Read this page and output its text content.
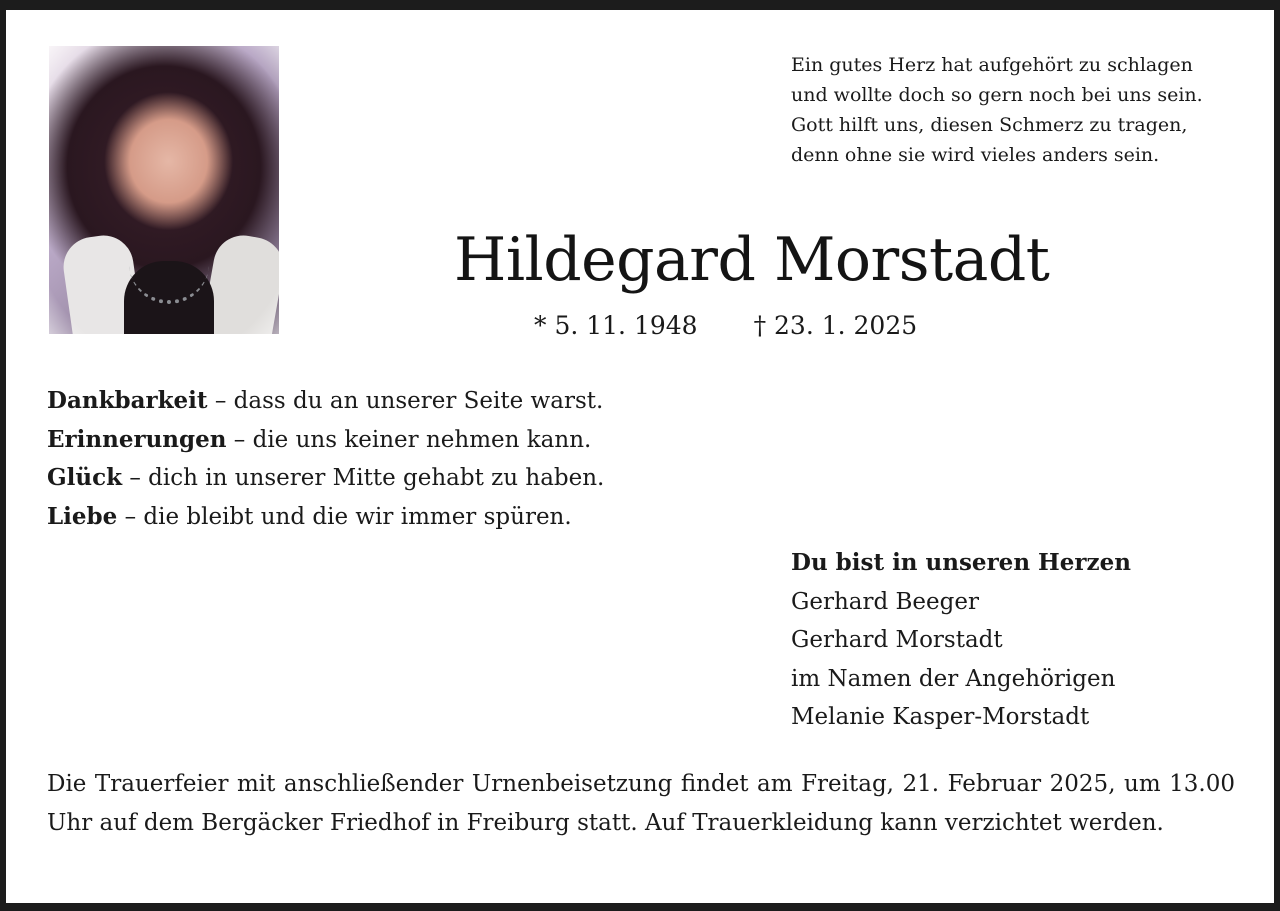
Ein gutes Herz hat aufgehört zu schlagen
und wollte doch so gern noch bei uns sein.
Gott hilft uns, diesen Schmerz zu tragen,
denn ohne sie wird vieles anders sein.
Hildegard Morstadt
* 5. 11. 1948 † 23. 1. 2025
Dankbarkeit – dass du an unserer Seite warst.
Erinnerungen – die uns keiner nehmen kann.
Glück – dich in unserer Mitte gehabt zu haben.
Liebe – die bleibt und die wir immer spüren.
Du bist in unseren Herzen
Gerhard Beeger
Gerhard Morstadt
im Namen der Angehörigen
Melanie Kasper-Morstadt
Die Trauerfeier mit anschließender Urnenbeisetzung findet am Freitag, 21. Februar 2025, um 13.00 Uhr auf dem Bergäcker Friedhof in Freiburg statt. Auf Trauerkleidung kann verzichtet werden.
